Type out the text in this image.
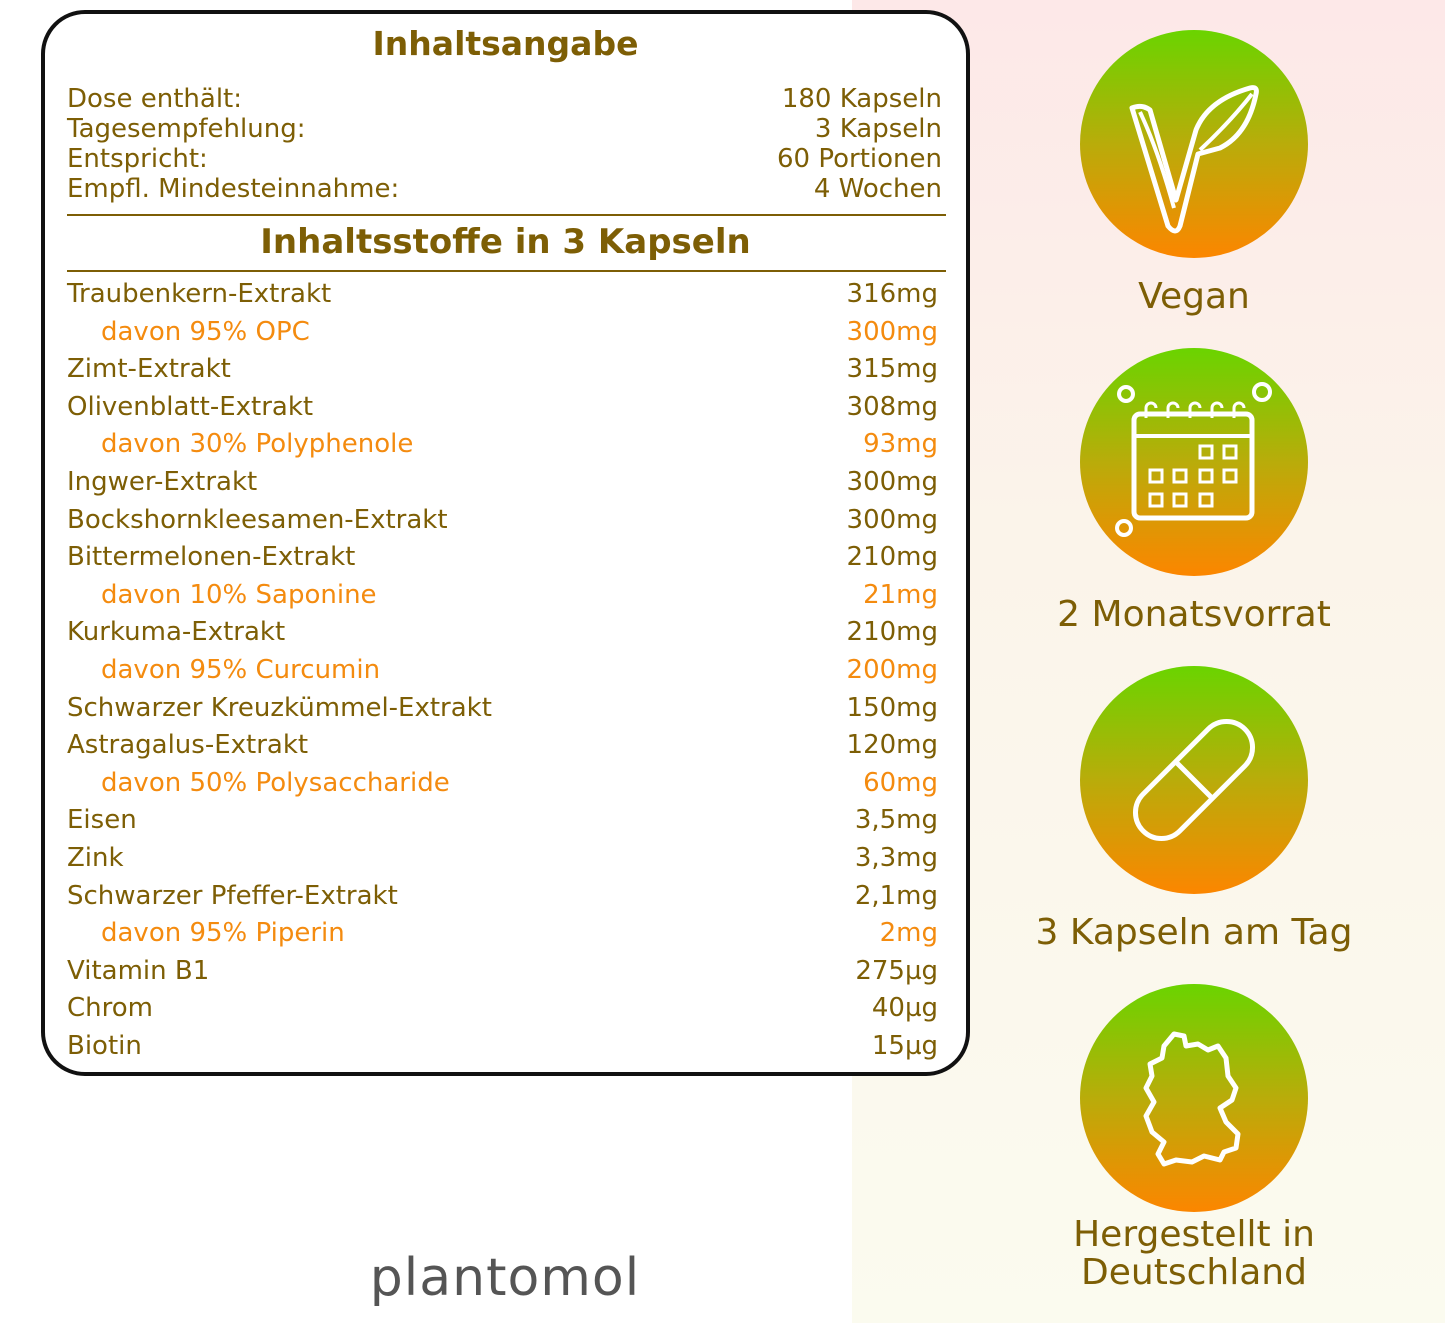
Inhaltsangabe
Dose enthält:	180 Kapseln
Tagesempfehlung:	3 Kapseln
Entspricht:	60 Portionen
Empfl. Mindesteinnahme:	4 Wochen
Inhaltsstoffe in 3 Kapseln
Traubenkern-Extrakt	316mg
davon 95% OPC	300mg
Zimt-Extrakt	315mg
Olivenblatt-Extrakt	308mg
davon 30% Polyphenole	93mg
Ingwer-Extrakt	300mg
Bockshornkleesamen-Extrakt	300mg
Bittermelonen-Extrakt	210mg
davon 10% Saponine	21mg
Kurkuma-Extrakt	210mg
davon 95% Curcumin	200mg
Schwarzer Kreuzkümmel-Extrakt	150mg
Astragalus-Extrakt	120mg
davon 50% Polysaccharide	60mg
Eisen	3,5mg
Zink	3,3mg
Schwarzer Pfeffer-Extrakt	2,1mg
davon 95% Piperin	2mg
Vitamin B1	275µg
Chrom	40µg
Biotin	15µg
Vegan
2 Monatsvorrat
3 Kapseln am Tag
Hergestellt in Deutschland
plantomol
